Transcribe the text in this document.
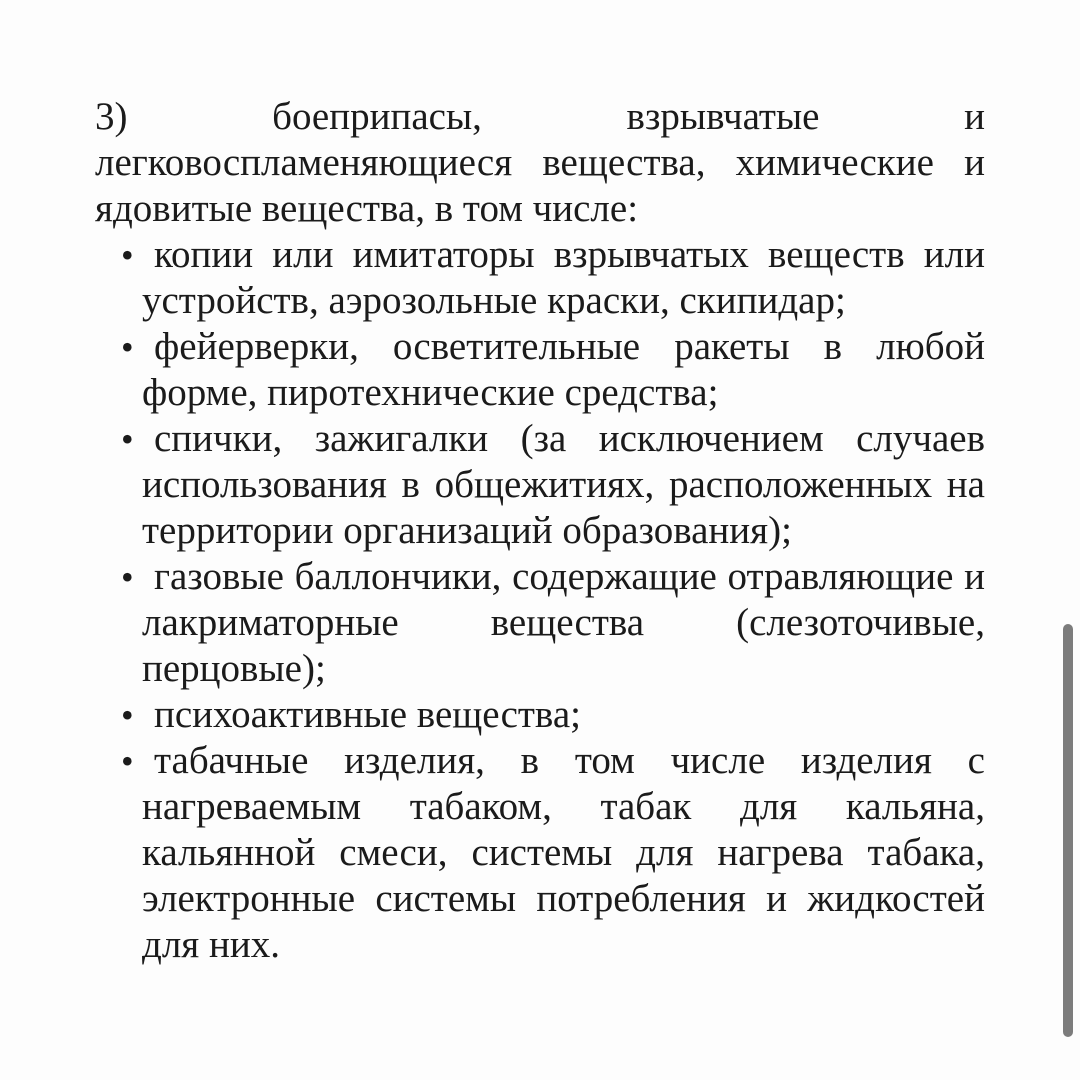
3)	боеприпасы,	взрывчатые	и
легковоспламеняющиеся вещества, химические и
ядовитые вещества, в том числе:
• копии или имитаторы взрывчатых веществ или
устройств, аэрозольные краски, скипидар;
• фейерверки, осветительные ракеты в любой
форме, пиротехнические средства;
• спички, зажигалки (за исключением случаев
использования в общежитиях, расположенных на
территории организаций образования);
• газовые баллончики, содержащие отравляющие и
лакриматорные вещества (слезоточивые,
перцовые);
• психоактивные вещества;
• табачные изделия, в том числе изделия с
нагреваемым табаком, табак для кальяна,
кальянной смеси, системы для нагрева табака,
электронные системы потребления и жидкостей
для них.
